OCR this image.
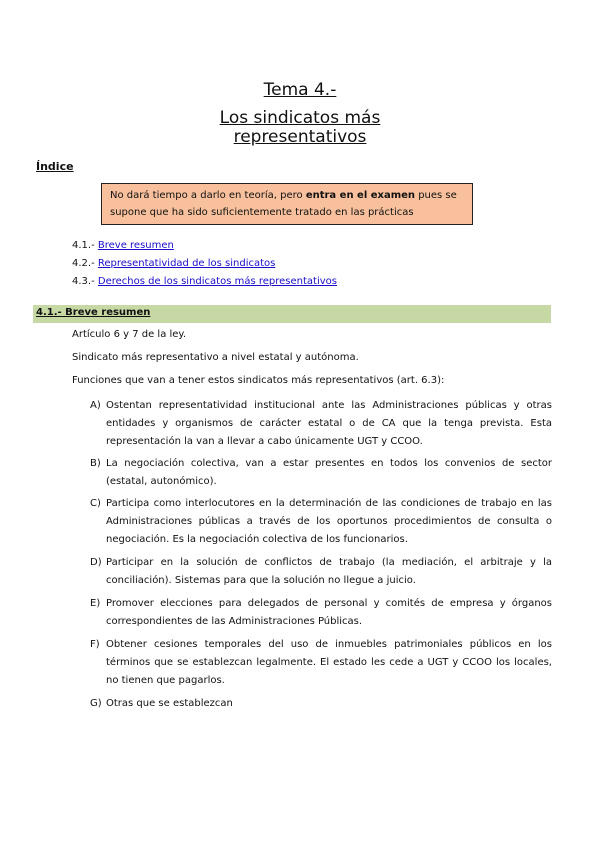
Tema 4.-
Los sindicatos más
representativos
Índice
No dará tiempo a darlo en teoría, pero entra en el examen pues se supone que ha sido suficientemente tratado en las prácticas
4.1.- Breve resumen
4.2.- Representatividad de los sindicatos
4.3.- Derechos de los sindicatos más representativos
4.1.- Breve resumen
Artículo 6 y 7 de la ley.
Sindicato más representativo a nivel estatal y autónoma.
Funciones que van a tener estos sindicatos más representativos (art. 6.3):
A) Ostentan representatividad institucional ante las Administraciones públicas y otras entidades y organismos de carácter estatal o de CA que la tenga prevista. Esta representación la van a llevar a cabo únicamente UGT y CCOO.
B) La negociación colectiva, van a estar presentes en todos los convenios de sector (estatal, autonómico).
C) Participa como interlocutores en la determinación de las condiciones de trabajo en las Administraciones públicas a través de los oportunos procedimientos de consulta o negociación. Es la negociación colectiva de los funcionarios.
D) Participar en la solución de conflictos de trabajo (la mediación, el arbitraje y la conciliación). Sistemas para que la solución no llegue a juicio.
E) Promover elecciones para delegados de personal y comités de empresa y órganos correspondientes de las Administraciones Públicas.
F) Obtener cesiones temporales del uso de inmuebles patrimoniales públicos en los términos que se establezcan legalmente. El estado les cede a UGT y CCOO los locales, no tienen que pagarlos.
G) Otras que se establezcan
